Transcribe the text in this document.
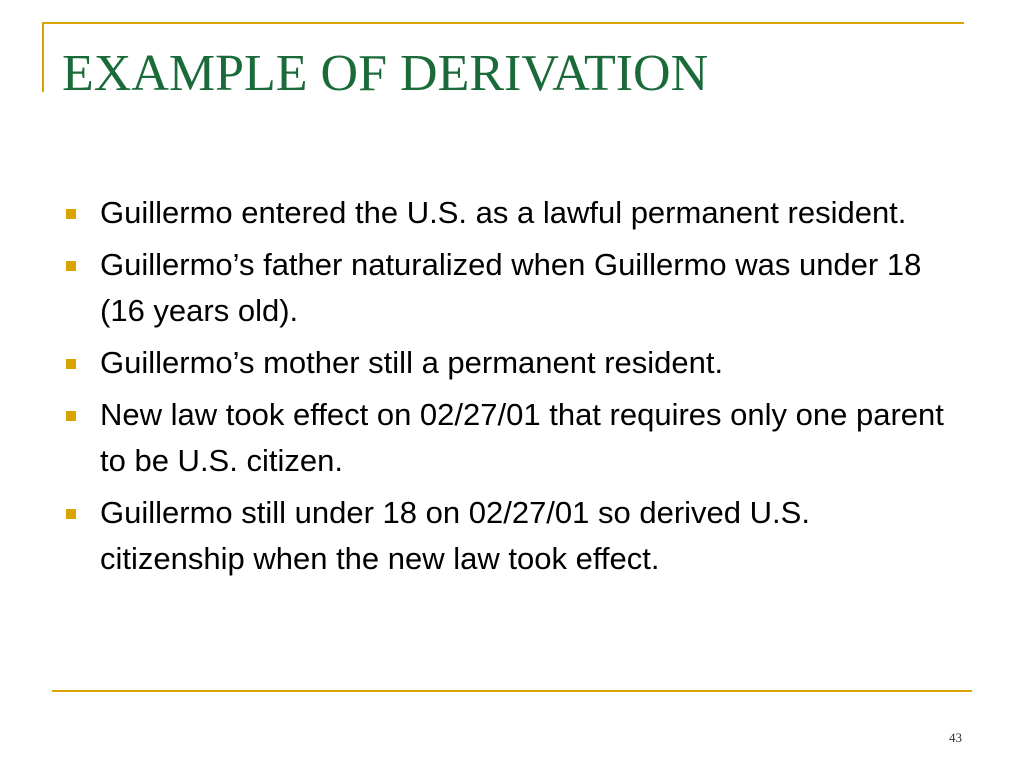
EXAMPLE OF DERIVATION
Guillermo entered the U.S. as a lawful permanent resident.
Guillermo’s father naturalized when Guillermo was under 18 (16 years old).
Guillermo’s mother still a permanent resident.
New law took effect on 02/27/01 that requires only one parent to be U.S. citizen.
Guillermo still under 18 on 02/27/01 so derived U.S. citizenship when the new law took effect.
43
